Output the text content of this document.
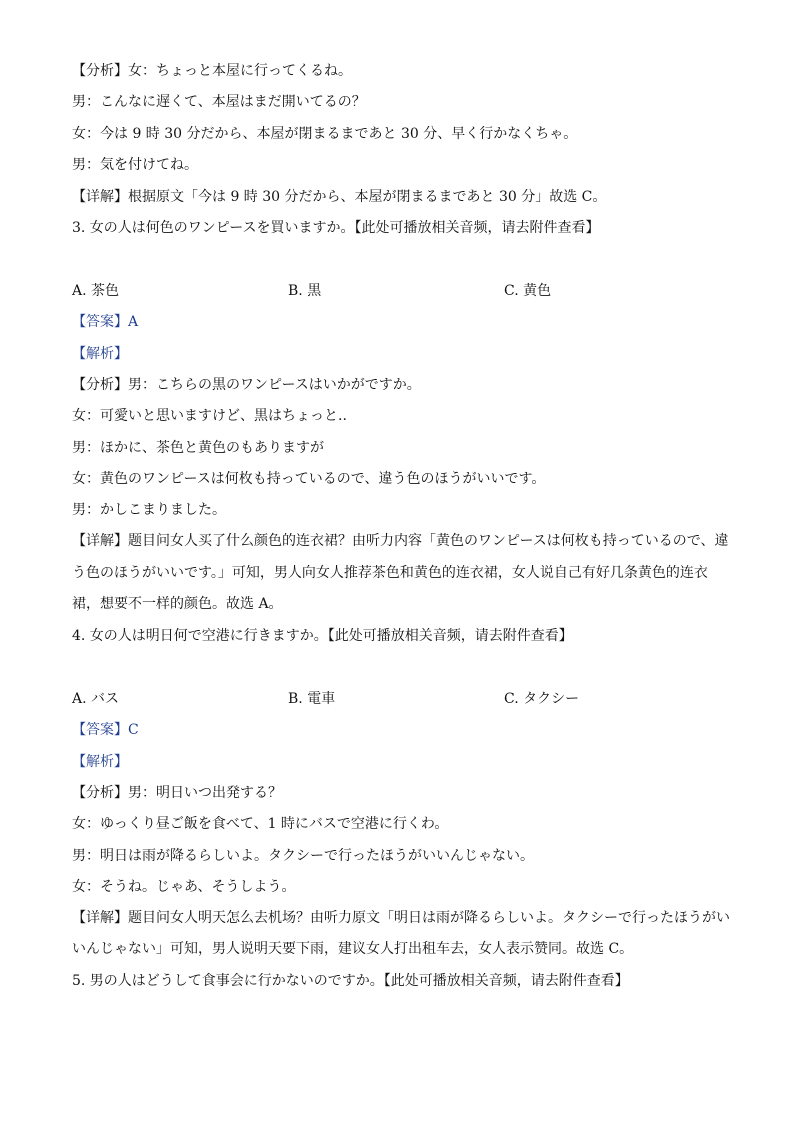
【分析】女：ちょっと本屋に行ってくるね。
男：こんなに遅くて、本屋はまだ開いてるの？
女：今は 9 時 30 分だから、本屋が閉まるまであと 30 分、早く行かなくちゃ。
男：気を付けてね。
【详解】根据原文「今は 9 時 30 分だから、本屋が閉まるまであと 30 分」故选 C。
3. 女の人は何色のワンピースを買いますか。【此处可播放相关音频，请去附件查看】
A. 茶色	B. 黒	C. 黄色
【答案】A
【解析】
【分析】男：こちらの黒のワンピースはいかがですか。
女：可愛いと思いますけど、黒はちょっと..
男：ほかに、茶色と黄色のもありますが
女：黄色のワンピースは何枚も持っているので、違う色のほうがいいです。
男：かしこまりました。
【详解】题目问女人买了什么颜色的连衣裙？由听力内容「黄色のワンピースは何枚も持っているので、違う色のほうがいいです。」可知，男人向女人推荐茶色和黄色的连衣裙，女人说自己有好几条黄色的连衣裙，想要不一样的颜色。故选 A。
4. 女の人は明日何で空港に行きますか。【此处可播放相关音频，请去附件查看】
A. バス	B. 電車	C. タクシー
【答案】C
【解析】
【分析】男：明日いつ出発する？
女：ゆっくり昼ご飯を食べて、1 時にバスで空港に行くわ。
男：明日は雨が降るらしいよ。タクシーで行ったほうがいいんじゃない。
女：そうね。じゃあ、そうしよう。
【详解】题目问女人明天怎么去机场？由听力原文「明日は雨が降るらしいよ。タクシーで行ったほうがいいんじゃない」可知，男人说明天要下雨，建议女人打出租车去，女人表示赞同。故选 C。
5. 男の人はどうして食事会に行かないのですか。【此处可播放相关音频，请去附件查看】
